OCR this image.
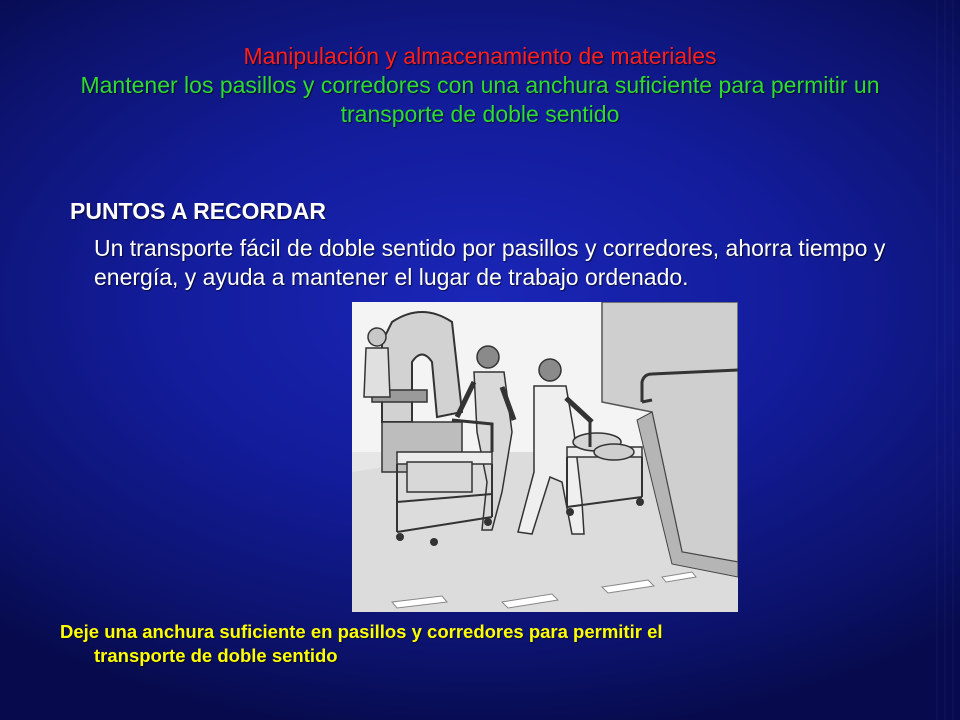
Manipulación y almacenamiento de materiales
Mantener los pasillos y corredores con una anchura suficiente para permitir un transporte de doble sentido
PUNTOS A RECORDAR
Un transporte fácil de doble sentido por pasillos y corredores, ahorra tiempo y energía, y ayuda a mantener el lugar de trabajo ordenado.
Deje una anchura suficiente en pasillos y corredores para permitir el
transporte de doble sentido
